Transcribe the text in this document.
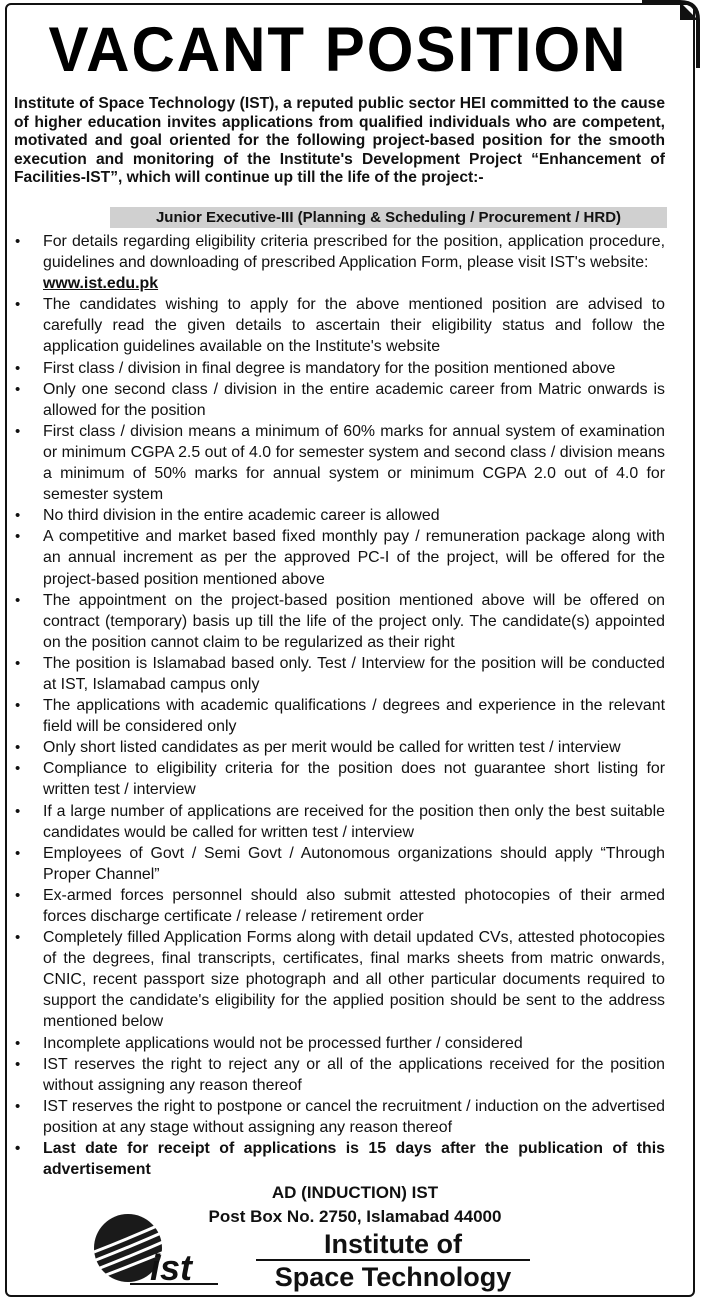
VACANT POSITION

Institute of Space Technology (IST), a reputed public sector HEI committed to the cause of higher education invites applications from qualified individuals who are competent, motivated and goal oriented for the following project-based position for the smooth execution and monitoring of the Institute's Development Project “Enhancement of Facilities-IST”, which will continue up till the life of the project:-

Junior Executive-III (Planning & Scheduling / Procurement / HRD)
• For details regarding eligibility criteria prescribed for the position, application procedure, guidelines and downloading of prescribed Application Form, please visit IST's website:
www.ist.edu.pk
• The candidates wishing to apply for the above mentioned position are advised to carefully read the given details to ascertain their eligibility status and follow the application guidelines available on the Institute's website
• First class / division in final degree is mandatory for the position mentioned above
• Only one second class / division in the entire academic career from Matric onwards is allowed for the position
• First class / division means a minimum of 60% marks for annual system of examination or minimum CGPA 2.5 out of 4.0 for semester system and second class / division means a minimum of 50% marks for annual system or minimum CGPA 2.0 out of 4.0 for semester system
• No third division in the entire academic career is allowed
• A competitive and market based fixed monthly pay / remuneration package along with an annual increment as per the approved PC-I of the project, will be offered for the project-based position mentioned above
• The appointment on the project-based position mentioned above will be offered on contract (temporary) basis up till the life of the project only. The candidate(s) appointed on the position cannot claim to be regularized as their right
• The position is Islamabad based only. Test / Interview for the position will be conducted at IST, Islamabad campus only
• The applications with academic qualifications / degrees and experience in the relevant field will be considered only
• Only short listed candidates as per merit would be called for written test / interview
• Compliance to eligibility criteria for the position does not guarantee short listing for written test / interview
• If a large number of applications are received for the position then only the best suitable candidates would be called for written test / interview
• Employees of Govt / Semi Govt / Autonomous organizations should apply “Through Proper Channel”
• Ex-armed forces personnel should also submit attested photocopies of their armed forces discharge certificate / release / retirement order
• Completely filled Application Forms along with detail updated CVs, attested photocopies of the degrees, final transcripts, certificates, final marks sheets from matric onwards, CNIC, recent passport size photograph and all other particular documents required to support the candidate's eligibility for the applied position should be sent to the address mentioned below
• Incomplete applications would not be processed further / considered
• IST reserves the right to reject any or all of the applications received for the position without assigning any reason thereof
• IST reserves the right to postpone or cancel the recruitment / induction on the advertised position at any stage without assigning any reason thereof
• Last date for receipt of applications is 15 days after the publication of this advertisement
AD (INDUCTION) IST
Post Box No. 2750, Islamabad 44000
ist
Institute of
Space Technology
